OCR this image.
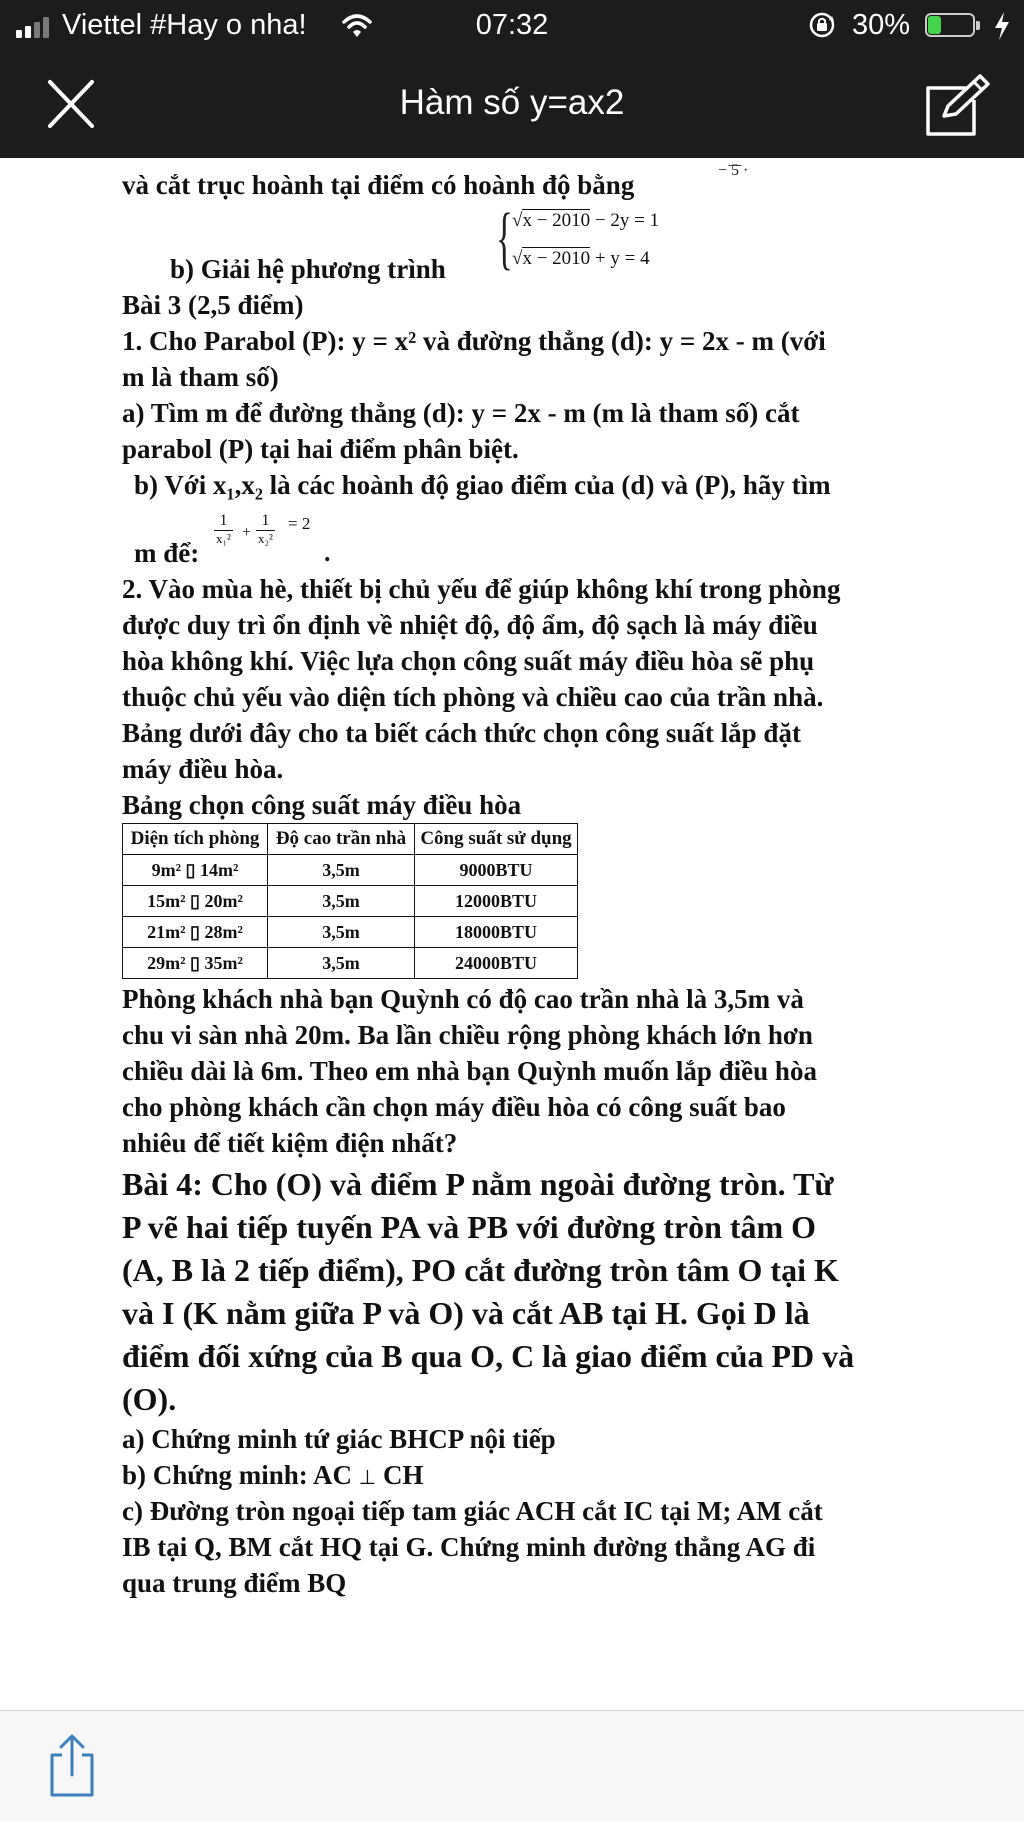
Viettel #Hay o nha!	07:32	30%
Hàm số y=ax2
và cắt trục hoành tại điểm có hoành độ bằng	− ̄5̄ ·
{ √x − 2010 − 2y = 1
√x − 2010 + y = 4
b) Giải hệ phương trình
Bài 3 (2,5 điểm)
1. Cho Parabol (P): y = x² và đường thẳng (d): y = 2x - m (với
m là tham số)
a) Tìm m để đường thẳng (d): y = 2x - m (m là tham số) cắt
parabol (P) tại hai điểm phân biệt.
b) Với x₁,x₂ là các hoành độ giao điểm của (d) và (P), hãy tìm
m để:
1
x₁² +
1
x₂²
= 2
.
2. Vào mùa hè, thiết bị chủ yếu để giúp không khí trong phòng
được duy trì ổn định về nhiệt độ, độ ẩm, độ sạch là máy điều
hòa không khí. Việc lựa chọn công suất máy điều hòa sẽ phụ
thuộc chủ yếu vào diện tích phòng và chiều cao của trần nhà.
Bảng dưới đây cho ta biết cách thức chọn công suất lắp đặt
máy điều hòa.
Bảng chọn công suất máy điều hòa
Diện tích phòng	Độ cao trần nhà	Công suất sử dụng
9m² ▯ 14m²	3,5m	9000BTU
15m² ▯ 20m²	3,5m	12000BTU
21m² ▯ 28m²	3,5m	18000BTU
29m² ▯ 35m²	3,5m	24000BTU
Phòng khách nhà bạn Quỳnh có độ cao trần nhà là 3,5m và
chu vi sàn nhà 20m. Ba lần chiều rộng phòng khách lớn hơn
chiều dài là 6m. Theo em nhà bạn Quỳnh muốn lắp điều hòa
cho phòng khách cần chọn máy điều hòa có công suất bao
nhiêu để tiết kiệm điện nhất?
Bài 4: Cho (O) và điểm P nằm ngoài đường tròn. Từ
P vẽ hai tiếp tuyến PA và PB với đường tròn tâm O
(A, B là 2 tiếp điểm), PO cắt đường tròn tâm O tại K
và I (K nằm giữa P và O) và cắt AB tại H. Gọi D là
điểm đối xứng của B qua O, C là giao điểm của PD và
(O).
a) Chứng minh tứ giác BHCP nội tiếp
b) Chứng minh: AC ⊥ CH
c) Đường tròn ngoại tiếp tam giác ACH cắt IC tại M; AM cắt
IB tại Q, BM cắt HQ tại G. Chứng minh đường thẳng AG đi
qua trung điểm BQ
